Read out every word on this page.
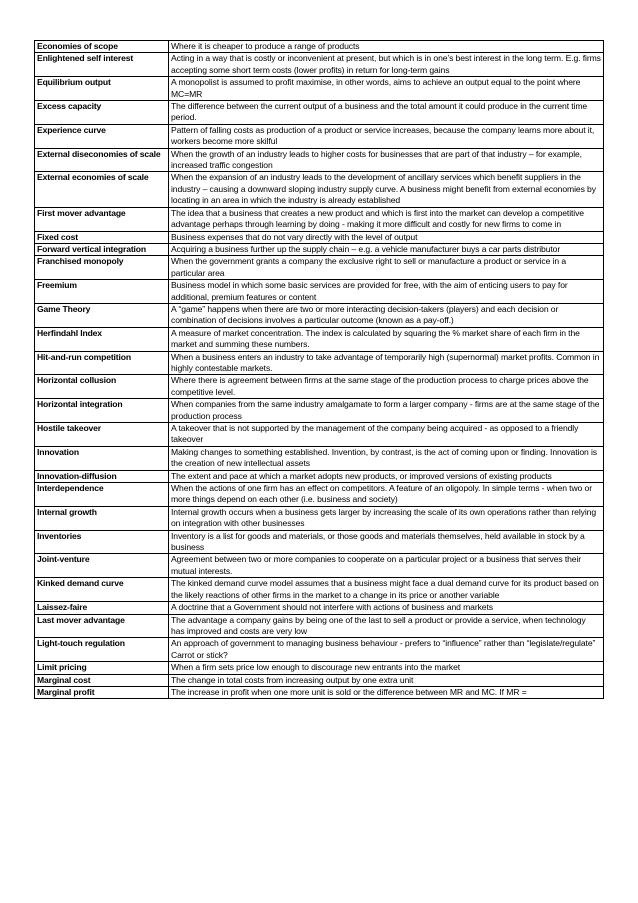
Economies of scope	Where it is cheaper to produce a range of products
Enlightened self interest	Acting in a way that is costly or inconvenient at present, but which is in one’s best interest in the long term. E.g. firms accepting some short term costs (lower profits) in return for long-term gains
Equilibrium output	A monopolist is assumed to profit maximise, in other words, aims to achieve an output equal to the point where MC=MR
Excess capacity	The difference between the current output of a business and the total amount it could produce in the current time period.
Experience curve	Pattern of falling costs as production of a product or service increases, because the company learns more about it, workers become more skilful
External diseconomies of scale	When the growth of an industry leads to higher costs for businesses that are part of that industry – for example, increased traffic congestion
External economies of scale	When the expansion of an industry leads to the development of ancillary services which benefit suppliers in the industry – causing a downward sloping industry supply curve. A business might benefit from external economies by locating in an area in which the industry is already established
First mover advantage	The idea that a business that creates a new product and which is first into the market can develop a competitive advantage perhaps through learning by doing - making it more difficult and costly for new firms to come in
Fixed cost	Business expenses that do not vary directly with the level of output
Forward vertical integration	Acquiring a business further up the supply chain – e.g. a vehicle manufacturer buys a car parts distributor
Franchised monopoly	When the government grants a company the exclusive right to sell or manufacture a product or service in a particular area
Freemium	Business model in which some basic services are provided for free, with the aim of enticing users to pay for additional, premium features or content
Game Theory	A “game” happens when there are two or more interacting decision-takers (players) and each decision or combination of decisions involves a particular outcome (known as a pay-off.)
Herfindahl Index	A measure of market concentration. The index is calculated by squaring the % market share of each firm in the market and summing these numbers.
Hit-and-run competition	When a business enters an industry to take advantage of temporarily high (supernormal) market profits. Common in highly contestable markets.
Horizontal collusion	Where there is agreement between firms at the same stage of the production process to charge prices above the competitive level.
Horizontal integration	When companies from the same industry amalgamate to form a larger company - firms are at the same stage of the production process
Hostile takeover	A takeover that is not supported by the management of the company being acquired - as opposed to a friendly takeover
Innovation	Making changes to something established. Invention, by contrast, is the act of coming upon or finding. Innovation is the creation of new intellectual assets
Innovation-diffusion	The extent and pace at which a market adopts new products, or improved versions of existing products
Interdependence	When the actions of one firm has an effect on competitors. A feature of an oligopoly. In simple terms - when two or more things depend on each other (i.e. business and society)
Internal growth	Internal growth occurs when a business gets larger by increasing the scale of its own operations rather than relying on integration with other businesses
Inventories	Inventory is a list for goods and materials, or those goods and materials themselves, held available in stock by a business
Joint-venture	Agreement between two or more companies to cooperate on a particular project or a business that serves their mutual interests.
Kinked demand curve	The kinked demand curve model assumes that a business might face a dual demand curve for its product based on the likely reactions of other firms in the market to a change in its price or another variable
Laissez-faire	A doctrine that a Government should not interfere with actions of business and markets
Last mover advantage	The advantage a company gains by being one of the last to sell a product or provide a service, when technology has improved and costs are very low
Light-touch regulation	An approach of government to managing business behaviour - prefers to “influence” rather than “legislate/regulate” Carrot or stick?
Limit pricing	When a firm sets price low enough to discourage new entrants into the market
Marginal cost	The change in total costs from increasing output by one extra unit
Marginal profit	The increase in profit when one more unit is sold or the difference between MR and MC. If MR =
